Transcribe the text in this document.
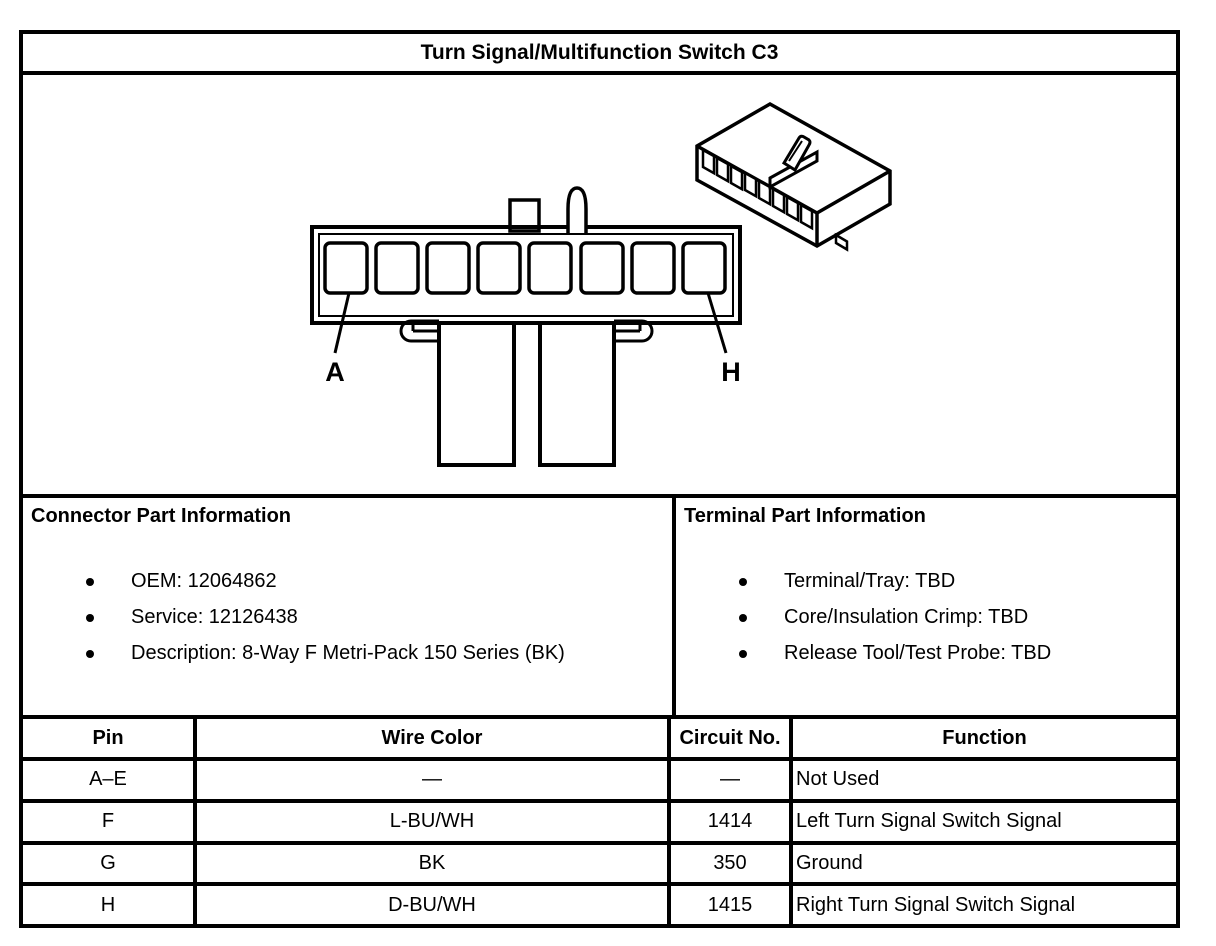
Turn Signal/Multifunction Switch C3
A	H
Connector Part Information
OEM: 12064862
Service: 12126438
Description: 8-Way F Metri-Pack 150 Series (BK)
Terminal Part Information
Terminal/Tray: TBD
Core/Insulation Crimp: TBD
Release Tool/Test Probe: TBD
Pin	Wire Color	Circuit No.	Function
A–E	—	—	Not Used
F	L-BU/WH	1414	Left Turn Signal Switch Signal
G	BK	350	Ground
H	D-BU/WH	1415	Right Turn Signal Switch Signal
